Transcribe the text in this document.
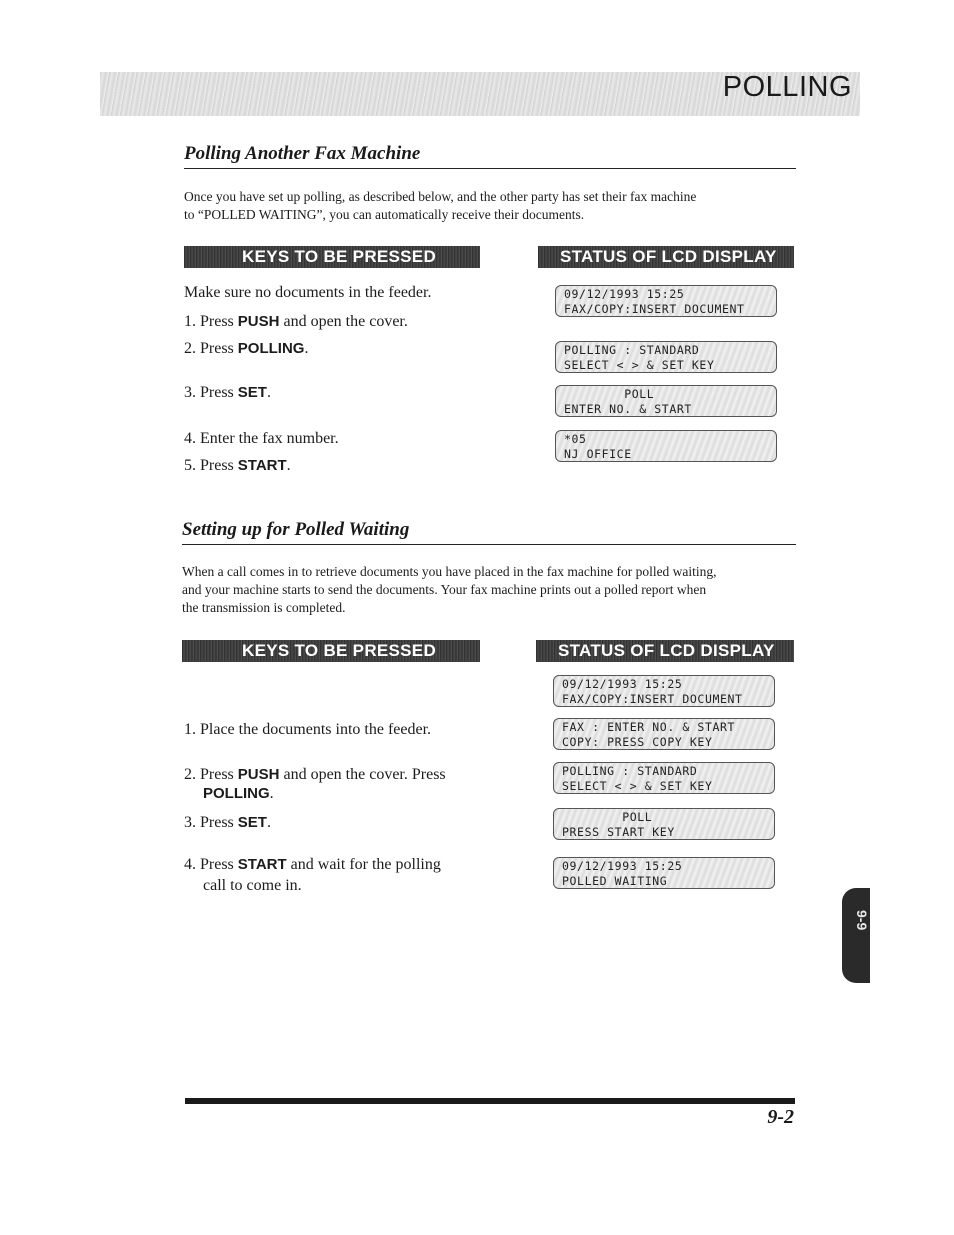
POLLING
Polling Another Fax Machine
Once you have set up polling, as described below, and the other party has set their fax machine
to “POLLED WAITING”, you can automatically receive their documents.
KEYS TO BE PRESSED	STATUS OF LCD DISPLAY
Make sure no documents in the feeder.
1. Press PUSH and open the cover.
2. Press POLLING.
3. Press SET.
4. Enter the fax number.
5. Press START.
09/12/1993 15:25
FAX/COPY:INSERT DOCUMENT
POLLING : STANDARD
SELECT < > & SET KEY
POLL
ENTER NO. & START
*05
NJ OFFICE
Setting up for Polled Waiting
When a call comes in to retrieve documents you have placed in the fax machine for polled waiting,
and your machine starts to send the documents. Your fax machine prints out a polled report when
the transmission is completed.
KEYS TO BE PRESSED	STATUS OF LCD DISPLAY
1. Place the documents into the feeder.
2. Press PUSH and open the cover. Press
POLLING.
3. Press SET.
4. Press START and wait for the polling
call to come in.
09/12/1993 15:25
FAX/COPY:INSERT DOCUMENT
FAX : ENTER NO. & START
COPY: PRESS COPY KEY
POLLING : STANDARD
SELECT < > & SET KEY
POLL
PRESS START KEY
09/12/1993 15:25
POLLED WAITING
9-9
9-2
